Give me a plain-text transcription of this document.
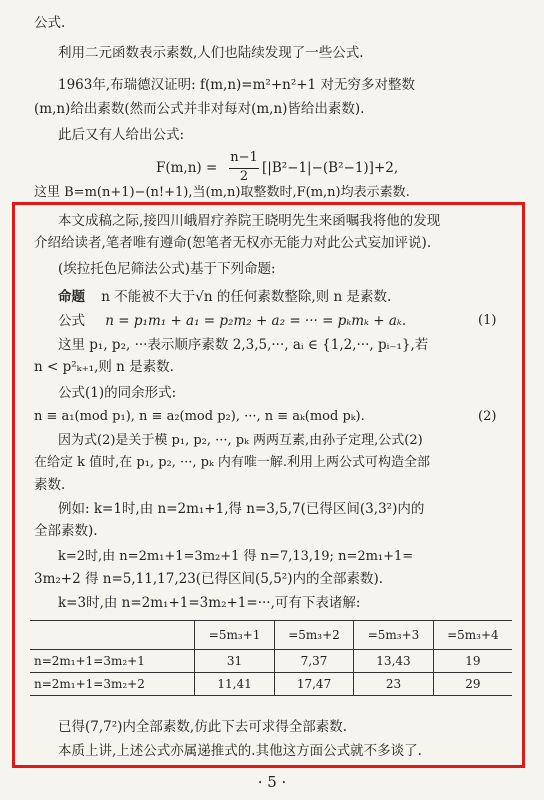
公式.
利用二元函数表示素数,人们也陆续发现了一些公式.
1963年,布瑞德汉证明: f(m,n)=m²+n²+1 对无穷多对整数
(m,n)给出素数(然而公式并非对每对(m,n)皆给出素数).
此后又有人给出公式:
F(m,n) =
n−1
2
[|B²−1|−(B²−1)]+2,
这里 B=m(n+1)−(n!+1),当(m,n)取整数时,F(m,n)均表示素数.
本文成稿之际,接四川峨眉疗养院王晓明先生来函嘱我将他的发现
介绍给读者,笔者唯有遵命(恕笔者无权亦无能力对此公式妄加评说).
(埃拉托色尼筛法公式)基于下列命题:
命题 n 不能被不大于√n 的任何素数整除,则 n 是素数.
公式 n = p₁m₁ + a₁ = p₂m₂ + a₂ = ··· = pₖmₖ + aₖ.	(1)
这里 p₁, p₂, ···表示顺序素数 2,3,5,···, aᵢ ∈ {1,2,···, pᵢ₋₁},若
n < p²ₖ₊₁,则 n 是素数.
公式(1)的同余形式:
n ≡ a₁(mod p₁), n ≡ a₂(mod p₂), ···, n ≡ aₖ(mod pₖ).	(2)
因为式(2)是关于模 p₁, p₂, ···, pₖ 两两互素,由孙子定理,公式(2)
在给定 k 值时,在 p₁, p₂, ···, pₖ 内有唯一解.利用上两公式可构造全部
素数.
例如: k=1时,由 n=2m₁+1,得 n=3,5,7(已得区间(3,3²)内的
全部素数).
k=2时,由 n=2m₁+1=3m₂+1 得 n=7,13,19; n=2m₁+1=
3m₂+2 得 n=5,11,17,23(已得区间(5,5²)内的全部素数).
k=3时,由 n=2m₁+1=3m₂+1=···,可有下表诸解:
	=5m₃+1	=5m₃+2	=5m₃+3	=5m₃+4
n=2m₁+1=3m₂+1	31	7,37	13,43	19
n=2m₁+1=3m₂+2	11,41	17,47	23	29
已得(7,7²)内全部素数,仿此下去可求得全部素数.
本质上讲,上述公式亦属递推式的.其他这方面公式就不多谈了.
· 5 ·
